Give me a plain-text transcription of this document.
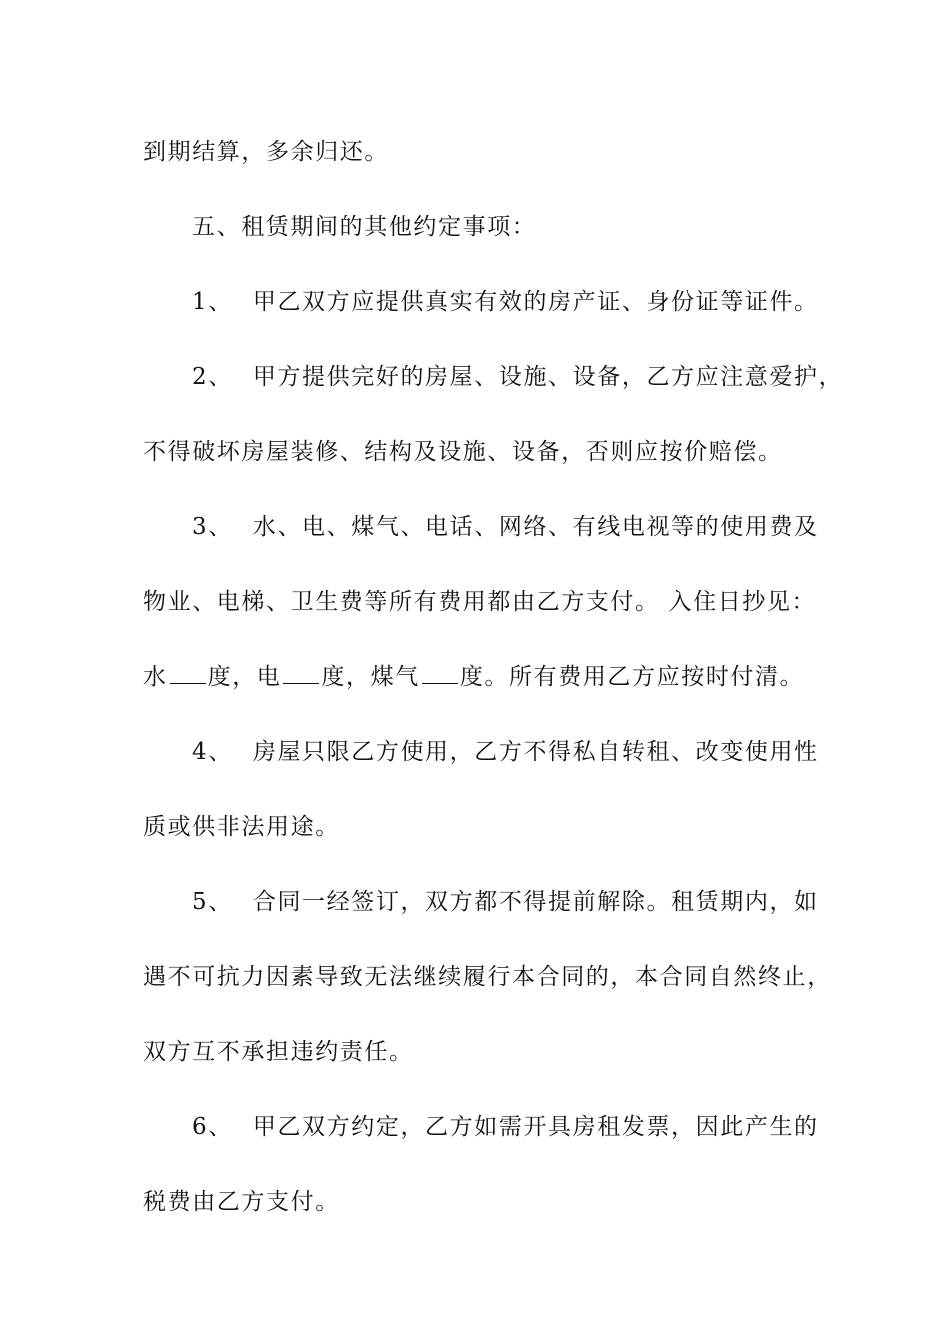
到期结算，多余归还。
五、租赁期间的其他约定事项：
1、 甲乙双方应提供真实有效的房产证、身份证等证件。
2、 甲方提供完好的房屋、设施、设备，乙方应注意爱护，
不得破坏房屋装修、结构及设施、设备，否则应按价赔偿。
3、 水、电、煤气、电话、网络、有线电视等的使用费及
物业、电梯、卫生费等所有费用都由乙方支付。 入住日抄见：
水 度，电 度，煤气 度。所有费用乙方应按时付清。
4、 房屋只限乙方使用，乙方不得私自转租、改变使用性
质或供非法用途。
5、 合同一经签订，双方都不得提前解除。租赁期内，如
遇不可抗力因素导致无法继续履行本合同的，本合同自然终止，
双方互不承担违约责任。
6、 甲乙双方约定，乙方如需开具房租发票，因此产生的
税费由乙方支付。
